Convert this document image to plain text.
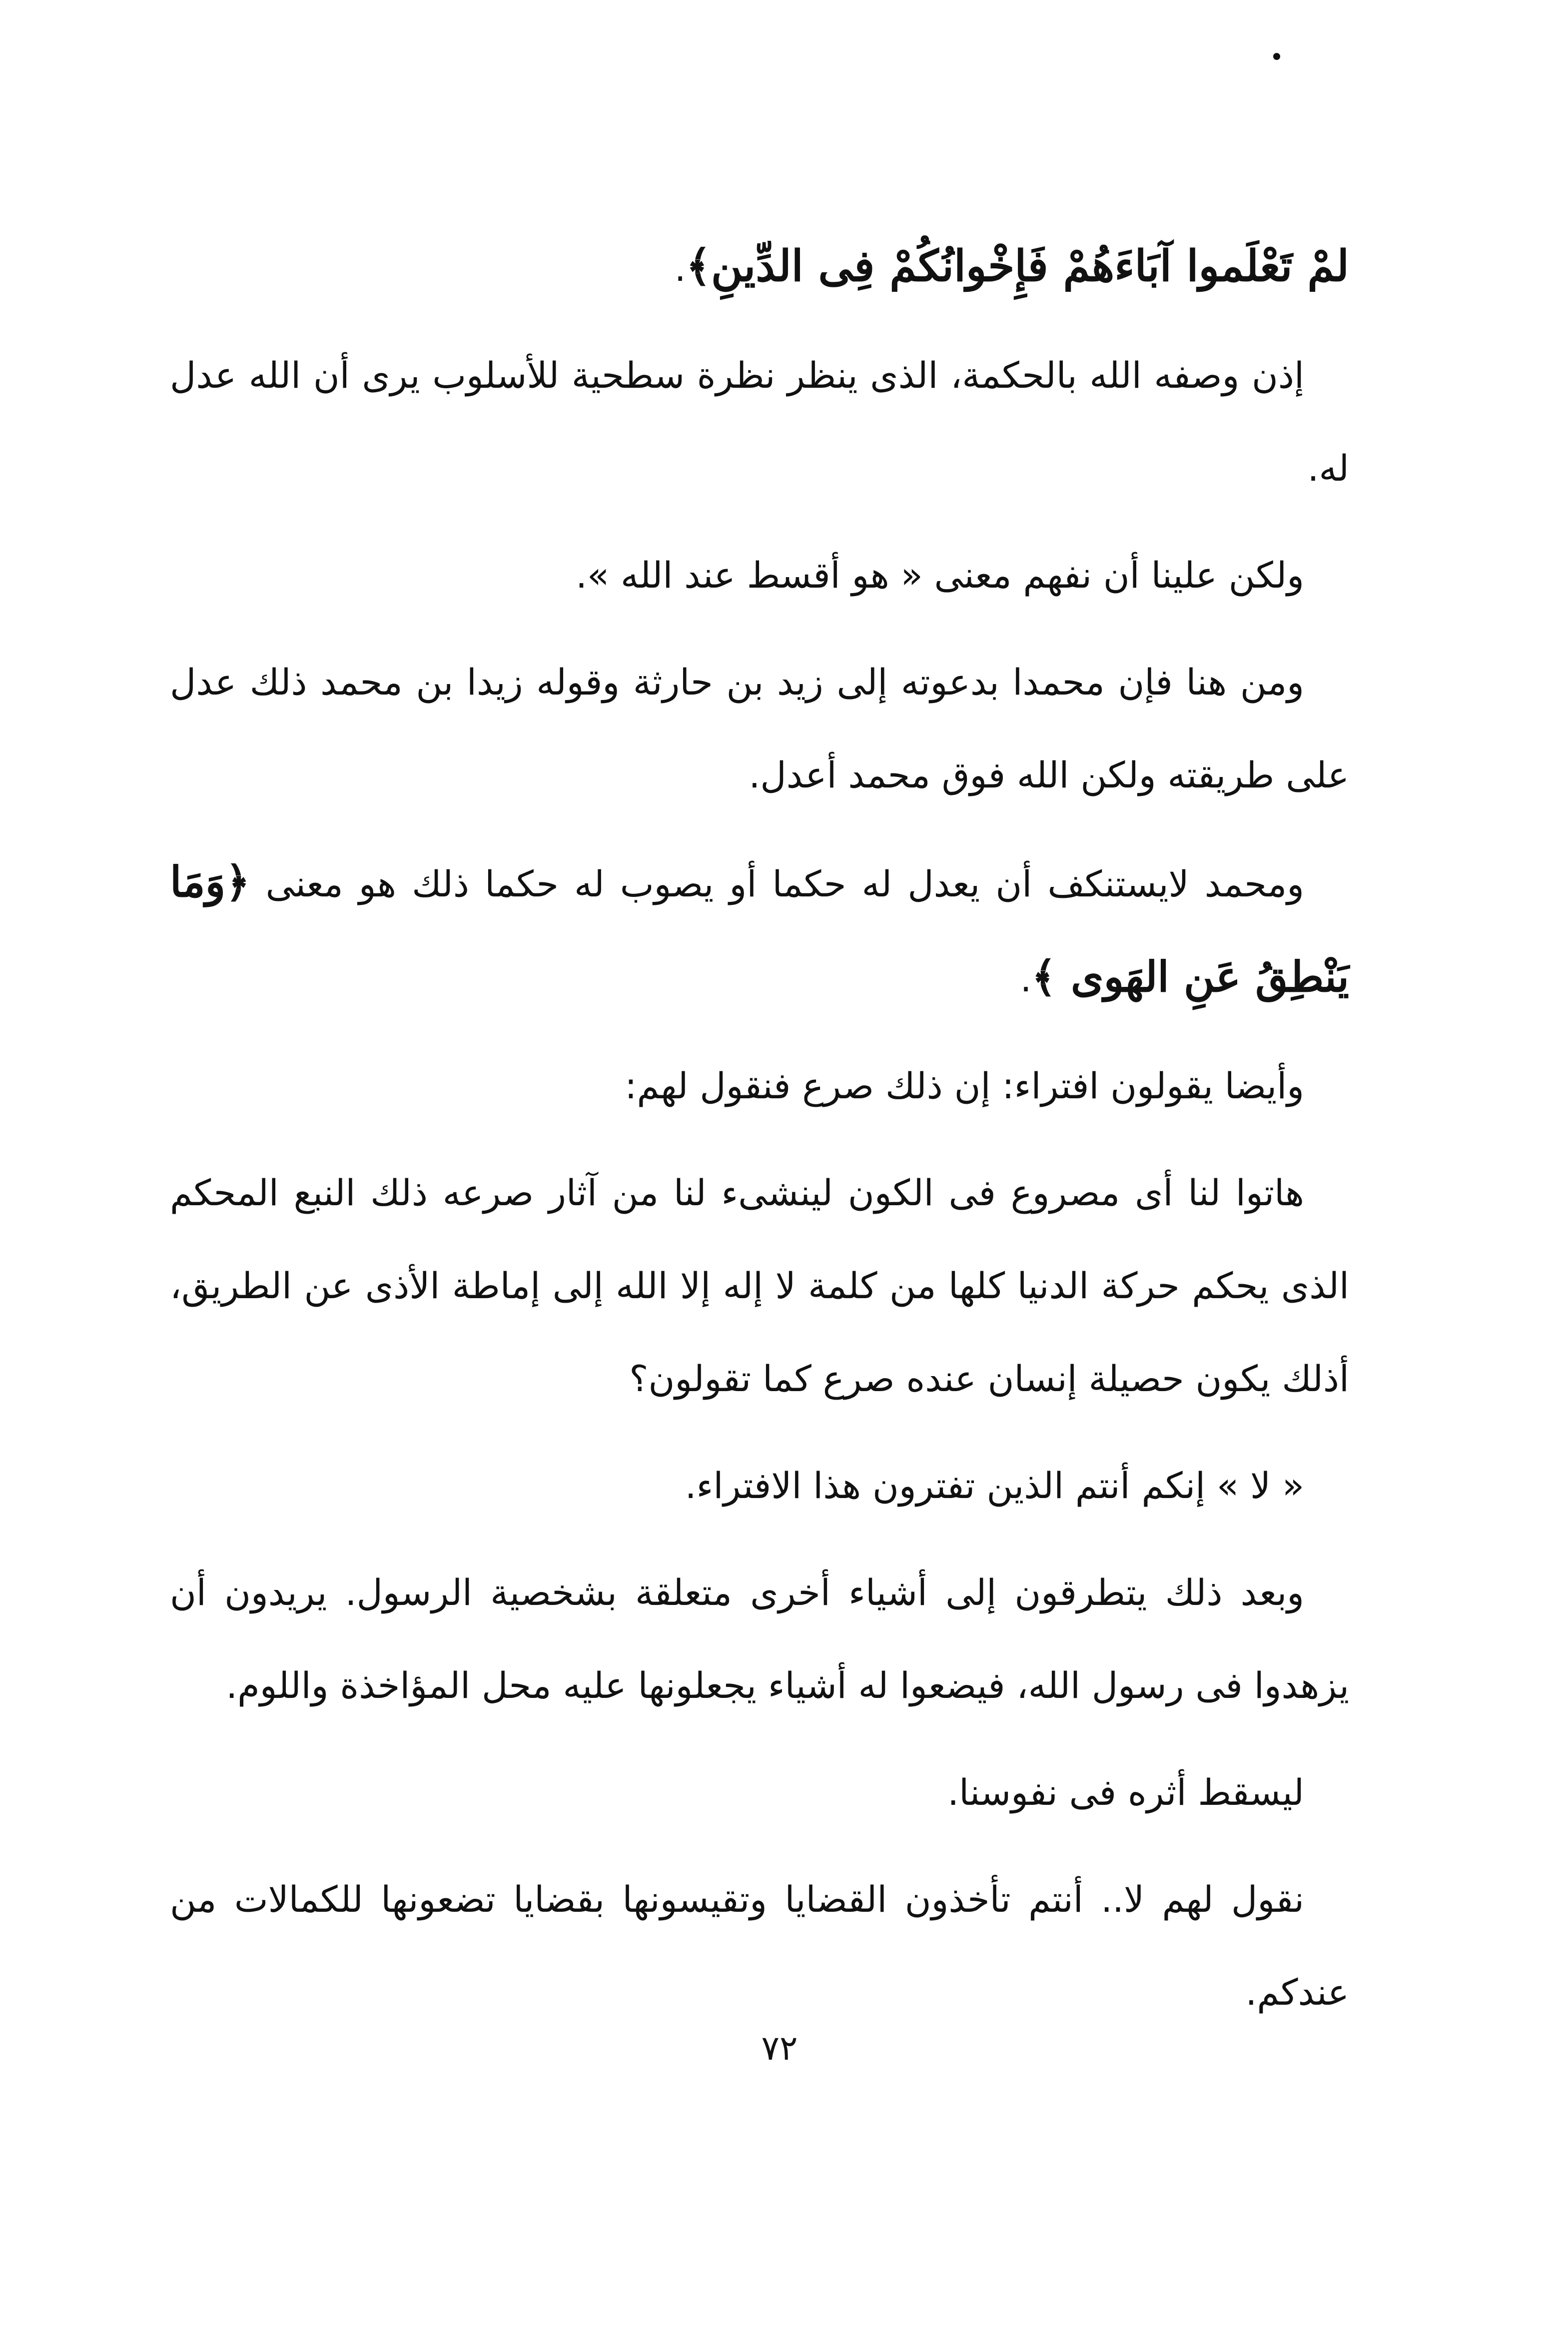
لمْ تَعْلَموا آبَاءَهُمْ فَإِخْوانُكُمْ فِى الدِّينِ﴾.

إذن وصفه الله بالحكمة، الذى ينظر نظرة سطحية للأسلوب يرى أن الله عدل له.

ولكن علينا أن نفهم معنى « هو أقسط عند الله ».

ومن هنا فإن محمدا بدعوته إلى زيد بن حارثة وقوله زيدا بن محمد ذلك عدل على طريقته ولكن الله فوق محمد أعدل.

ومحمد لايستنكف أن يعدل له حكما أو يصوب له حكما ذلك هو معنى ﴿وَمَا يَنْطِقُ عَنِ الهَوى ﴾.

وأيضا يقولون افتراء: إن ذلك صرع فنقول لهم:

هاتوا لنا أى مصروع فى الكون لينشىء لنا من آثار صرعه ذلك النبع المحكم الذى يحكم حركة الدنيا كلها من كلمة لا إله إلا الله إلى إماطة الأذى عن الطريق، أذلك يكون حصيلة إنسان عنده صرع كما تقولون؟

« لا » إنكم أنتم الذين تفترون هذا الافتراء.

وبعد ذلك يتطرقون إلى أشياء أخرى متعلقة بشخصية الرسول. يريدون أن يزهدوا فى رسول الله، فيضعوا له أشياء يجعلونها عليه محل المؤاخذة واللوم.

ليسقط أثره فى نفوسنا.

نقول لهم لا.. أنتم تأخذون القضايا وتقيسونها بقضايا تضعونها للكمالات من عندكم.

٧٢
